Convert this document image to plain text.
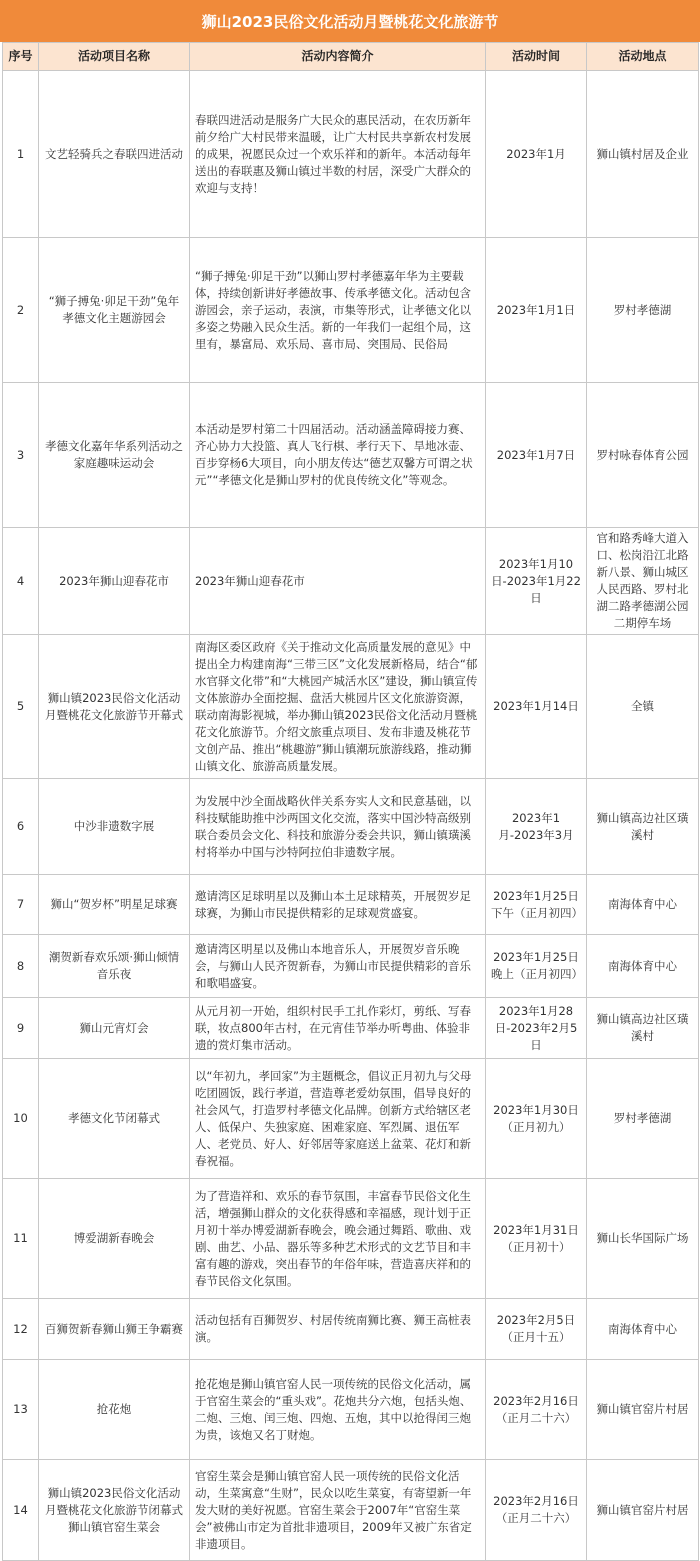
狮山2023民俗文化活动月暨桃花文化旅游节
序号	活动项目名称	活动内容简介	活动时间	活动地点
1	文艺轻骑兵之春联四进活动	春联四进活动是服务广大民众的惠民活动，在农历新年前夕给广大村民带来温暖，让广大村民共享新农村发展的成果，祝愿民众过一个欢乐祥和的新年。本活动每年送出的春联惠及狮山镇过半数的村居，深受广大群众的欢迎与支持！	2023年1月	狮山镇村居及企业
2	“狮子搏兔·卯足干劲”兔年孝德文化主题游园会	“狮子搏兔·卯足干劲”以狮山罗村孝德嘉年华为主要载体，持续创新讲好孝德故事、传承孝德文化。活动包含游园会，亲子运动，表演，市集等形式，让孝德文化以多姿之势融入民众生活。新的一年我们一起组个局，这里有，暴富局、欢乐局、喜市局、突围局、民俗局	2023年1月1日	罗村孝德湖
3	孝德文化嘉年华系列活动之家庭趣味运动会	本活动是罗村第二十四届活动。活动涵盖障碍接力赛、齐心协力大投篮、真人飞行棋、孝行天下、旱地冰壶、百步穿杨6大项目，向小朋友传达“德艺双馨方可谓之状元”“孝德文化是狮山罗村的优良传统文化”等观念。	2023年1月7日	罗村咏春体育公园
4	2023年狮山迎春花市	2023年狮山迎春花市	2023年1月10日-2023年1月22日	官和路秀峰大道入口、松岗沿江北路新八景、狮山城区人民西路、罗村北湖二路孝德湖公园二期停车场
5	狮山镇2023民俗文化活动月暨桃花文化旅游节开幕式	南海区委区政府《关于推动文化高质量发展的意见》中提出全力构建南海“三带三区”文化发展新格局，结合“郁水官驿文化带”和“大桃园产城活水区”建设，狮山镇宣传文体旅游办全面挖掘、盘活大桃园片区文化旅游资源，联动南海影视城，举办狮山镇2023民俗文化活动月暨桃花文化旅游节。介绍文旅重点项目、发布非遗及桃花节文创产品、推出“桃趣游”狮山镇潮玩旅游线路，推动狮山镇文化、旅游高质量发展。	2023年1月14日	全镇
6	中沙非遗数字展	为发展中沙全面战略伙伴关系夯实人文和民意基础，以科技赋能助推中沙两国文化交流，落实中国沙特高级别联合委员会文化、科技和旅游分委会共识，狮山镇璜溪村将举办中国与沙特阿拉伯非遗数字展。	2023年1月-2023年3月	狮山镇高边社区璜溪村
7	狮山“贺岁杯”明星足球赛	邀请湾区足球明星以及狮山本土足球精英，开展贺岁足球赛，为狮山市民提供精彩的足球观赏盛宴。	2023年1月25日下午（正月初四）	南海体育中心
8	潮贺新春欢乐颂·狮山倾情音乐夜	邀请湾区明星以及佛山本地音乐人，开展贺岁音乐晚会，与狮山人民齐贺新春，为狮山市民提供精彩的音乐和歌唱盛宴。	2023年1月25日晚上（正月初四）	南海体育中心
9	狮山元宵灯会	从元月初一开始，组织村民手工扎作彩灯，剪纸、写春联，妆点800年古村，在元宵佳节举办听粤曲、体验非遗的赏灯集市活动。	2023年1月28日-2023年2月5日	狮山镇高边社区璜溪村
10	孝德文化节闭幕式	以“年初九，孝回家”为主题概念，倡议正月初九与父母吃团圆饭，践行孝道，营造尊老爱幼氛围，倡导良好的社会风气，打造罗村孝德文化品牌。创新方式给辖区老人、低保户、失独家庭、困难家庭、军烈属、退伍军人、老党员、好人、好邻居等家庭送上盆菜、花灯和新春祝福。	2023年1月30日（正月初九）	罗村孝德湖
11	博爱湖新春晚会	为了营造祥和、欢乐的春节氛围，丰富春节民俗文化生活，增强狮山群众的文化获得感和幸福感，现计划于正月初十举办博爱湖新春晚会，晚会通过舞蹈、歌曲、戏剧、曲艺、小品、器乐等多种艺术形式的文艺节目和丰富有趣的游戏，突出春节的年俗年味，营造喜庆祥和的春节民俗文化氛围。	2023年1月31日（正月初十）	狮山长华国际广场
12	百狮贺新春狮山狮王争霸赛	活动包括有百狮贺岁、村居传统南狮比赛、狮王高桩表演。	2023年2月5日（正月十五）	南海体育中心
13	抢花炮	抢花炮是狮山镇官窑人民一项传统的民俗文化活动，属于官窑生菜会的“重头戏”。花炮共分六炮，包括头炮、二炮、三炮、闰三炮、四炮、五炮，其中以抢得闰三炮为贵，该炮又名丁财炮。	2023年2月16日（正月二十六）	狮山镇官窑片村居
14	狮山镇2023民俗文化活动月暨桃花文化旅游节闭幕式狮山镇官窑生菜会	官窑生菜会是狮山镇官窑人民一项传统的民俗文化活动，生菜寓意“生财”，民众以吃生菜宴，有寄望新一年发大财的美好祝愿。官窑生菜会于2007年“官窑生菜会”被佛山市定为首批非遗项目，2009年又被广东省定非遗项目。	2023年2月16日（正月二十六）	狮山镇官窑片村居
